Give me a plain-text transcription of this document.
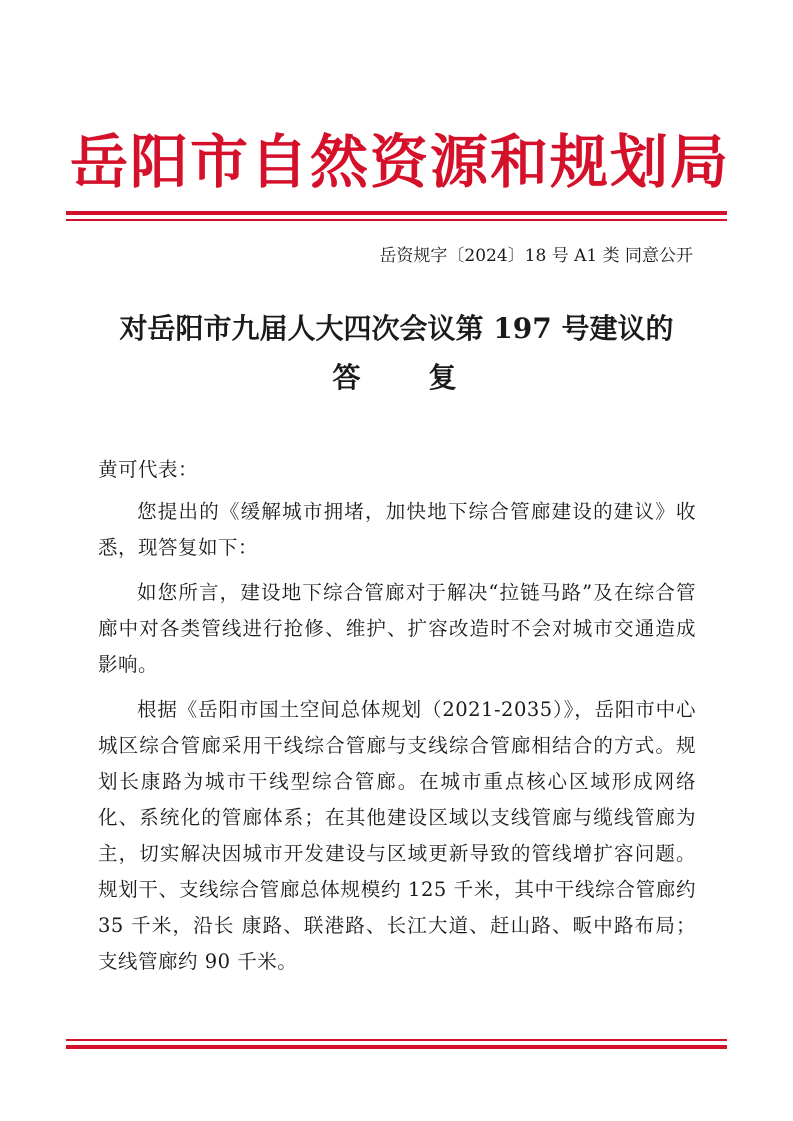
岳阳市自然资源和规划局
岳资规字〔2024〕18 号 A1 类 同意公开
对岳阳市九届人大四次会议第 197 号建议的
答　　复

黄可代表：

您提出的《缓解城市拥堵，加快地下综合管廊建设的建议》收悉，现答复如下：

如您所言，建设地下综合管廊对于解决“拉链马路”及在综合管廊中对各类管线进行抢修、维护、扩容改造时不会对城市交通造成影响。

根据《岳阳市国土空间总体规划（2021-2035）》，岳阳市中心城区综合管廊采用干线综合管廊与支线综合管廊相结合的方式。规划长康路为城市干线型综合管廊。在城市重点核心区域形成网络化、系统化的管廊体系；在其他建设区域以支线管廊与缆线管廊为主，切实解决因城市开发建设与区域更新导致的管线增扩容问题。规划干、支线综合管廊总体规模约 125 千米，其中干线综合管廊约 35 千米，沿长 康路、联港路、长江大道、赶山路、畈中路布局；支线管廊约 90 千米。
